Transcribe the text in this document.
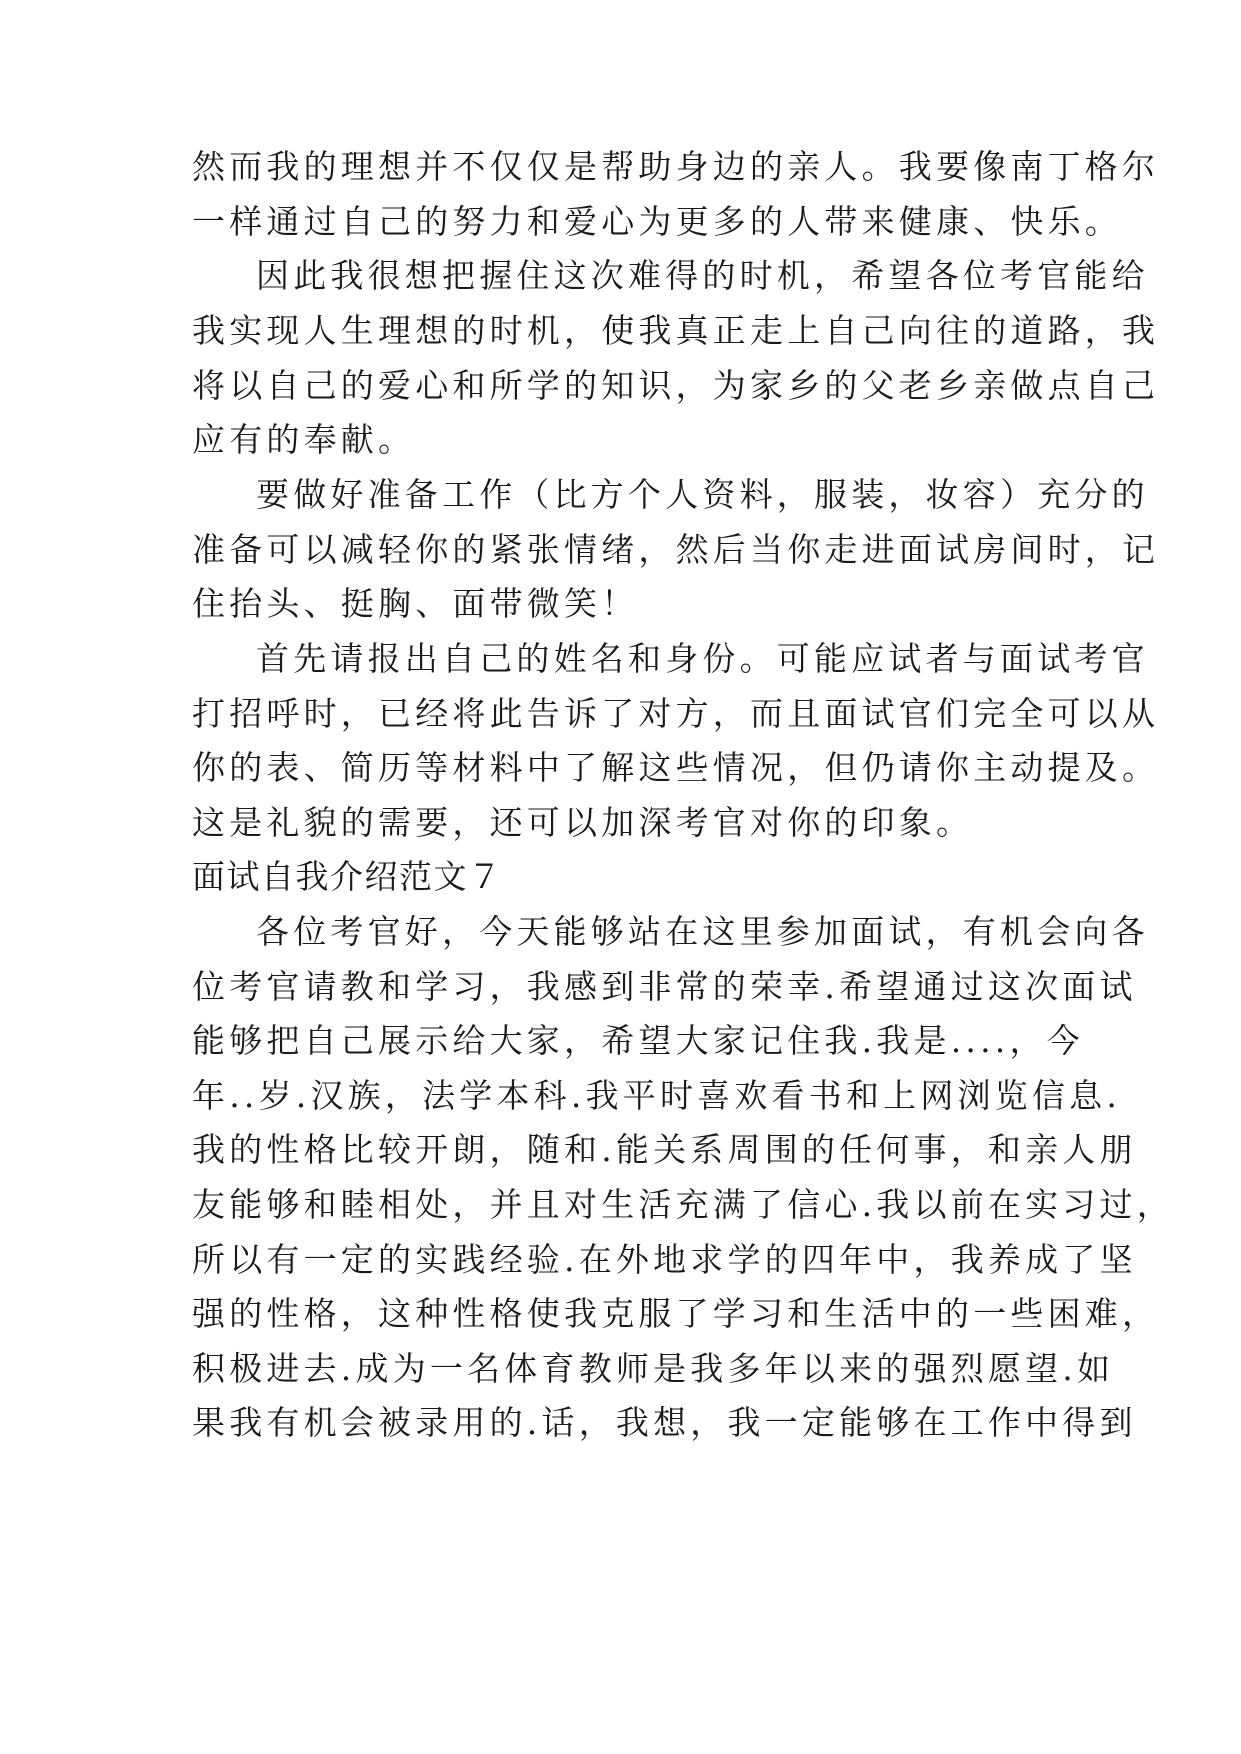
然而我的理想并不仅仅是帮助身边的亲人。我要像南丁格尔
一样通过自己的努力和爱心为更多的人带来健康、快乐。
因此我很想把握住这次难得的时机，希望各位考官能给
我实现人生理想的时机，使我真正走上自己向往的道路，我
将以自己的爱心和所学的知识，为家乡的父老乡亲做点自己
应有的奉献。
要做好准备工作（比方个人资料，服装，妆容）充分的
准备可以减轻你的紧张情绪，然后当你走进面试房间时，记
住抬头、挺胸、面带微笑！
首先请报出自己的姓名和身份。可能应试者与面试考官
打招呼时，已经将此告诉了对方，而且面试官们完全可以从
你的表、简历等材料中了解这些情况，但仍请你主动提及。
这是礼貌的需要，还可以加深考官对你的印象。
面试自我介绍范文７
各位考官好，今天能够站在这里参加面试，有机会向各
位考官请教和学习，我感到非常的荣幸.希望通过这次面试
能够把自己展示给大家，希望大家记住我.我是....，今
年..岁.汉族，法学本科.我平时喜欢看书和上网浏览信息.
我的性格比较开朗，随和.能关系周围的任何事，和亲人朋
友能够和睦相处，并且对生活充满了信心.我以前在实习过，
所以有一定的实践经验.在外地求学的四年中，我养成了坚
强的性格，这种性格使我克服了学习和生活中的一些困难，
积极进去.成为一名体育教师是我多年以来的强烈愿望.如
果我有机会被录用的.话，我想，我一定能够在工作中得到
